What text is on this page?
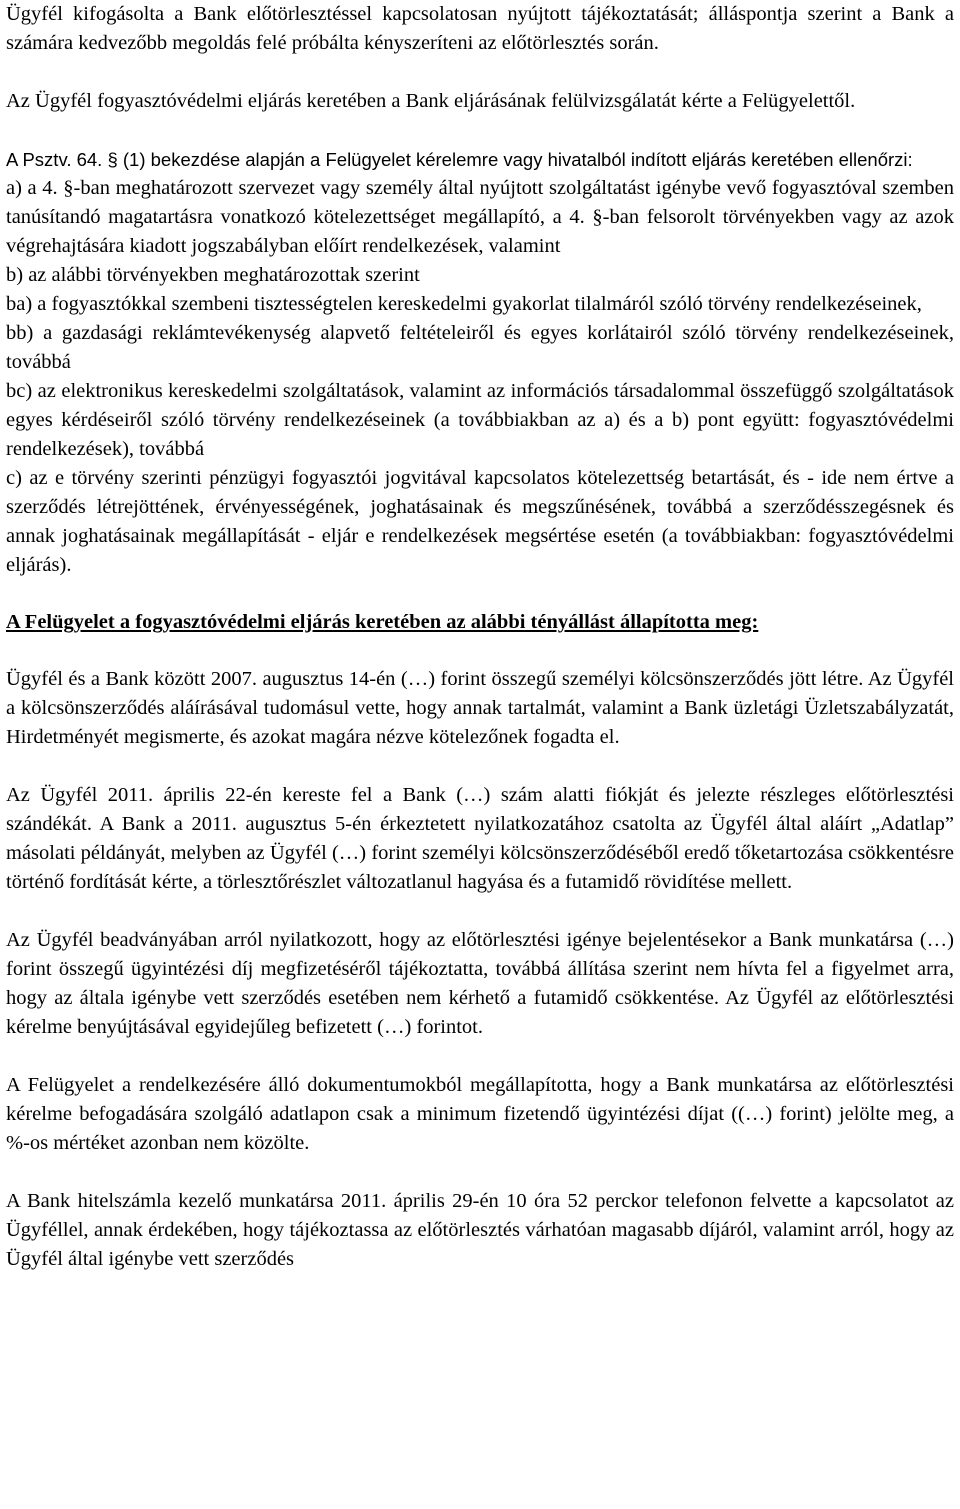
Ügyfél kifogásolta a Bank előtörlesztéssel kapcsolatosan nyújtott tájékoztatását; álláspontja szerint a Bank a számára kedvezőbb megoldás felé próbálta kényszeríteni az előtörlesztés során.

Az Ügyfél fogyasztóvédelmi eljárás keretében a Bank eljárásának felülvizsgálatát kérte a Felügyelettől.

A Psztv. 64. § (1) bekezdése alapján a Felügyelet kérelemre vagy hivatalból indított eljárás keretében ellenőrzi:

a) a 4. §-ban meghatározott szervezet vagy személy által nyújtott szolgáltatást igénybe vevő fogyasztóval szemben tanúsítandó magatartásra vonatkozó kötelezettséget megállapító, a 4. §-ban felsorolt törvényekben vagy az azok végrehajtására kiadott jogszabályban előírt rendelkezések, valamint

b) az alábbi törvényekben meghatározottak szerint

ba) a fogyasztókkal szembeni tisztességtelen kereskedelmi gyakorlat tilalmáról szóló törvény rendelkezéseinek,

bb) a gazdasági reklámtevékenység alapvető feltételeiről és egyes korlátairól szóló törvény rendelkezéseinek, továbbá

bc) az elektronikus kereskedelmi szolgáltatások, valamint az információs társadalommal összefüggő szolgáltatások egyes kérdéseiről szóló törvény rendelkezéseinek (a továbbiakban az a) és a b) pont együtt: fogyasztóvédelmi rendelkezések), továbbá

c) az e törvény szerinti pénzügyi fogyasztói jogvitával kapcsolatos kötelezettség betartását, és - ide nem értve a szerződés létrejöttének, érvényességének, joghatásainak és megszűnésének, továbbá a szerződésszegésnek és annak joghatásainak megállapítását - eljár e rendelkezések megsértése esetén (a továbbiakban: fogyasztóvédelmi eljárás).

A Felügyelet a fogyasztóvédelmi eljárás keretében az alábbi tényállást állapította meg:

Ügyfél és a Bank között 2007. augusztus 14-én (…) forint összegű személyi kölcsönszerződés jött létre. Az Ügyfél a kölcsönszerződés aláírásával tudomásul vette, hogy annak tartalmát, valamint a Bank üzletági Üzletszabályzatát, Hirdetményét megismerte, és azokat magára nézve kötelezőnek fogadta el.

Az Ügyfél 2011. április 22-én kereste fel a Bank (…) szám alatti fiókját és jelezte részleges előtörlesztési szándékát. A Bank a 2011. augusztus 5-én érkeztetett nyilatkozatához csatolta az Ügyfél által aláírt „Adatlap” másolati példányát, melyben az Ügyfél (…) forint személyi kölcsönszerződéséből eredő tőketartozása csökkentésre történő fordítását kérte, a törlesztőrészlet változatlanul hagyása és a futamidő rövidítése mellett.

Az Ügyfél beadványában arról nyilatkozott, hogy az előtörlesztési igénye bejelentésekor a Bank munkatársa (…) forint összegű ügyintézési díj megfizetéséről tájékoztatta, továbbá állítása szerint nem hívta fel a figyelmet arra, hogy az általa igénybe vett szerződés esetében nem kérhető a futamidő csökkentése. Az Ügyfél az előtörlesztési kérelme benyújtásával egyidejűleg befizetett (…) forintot.

A Felügyelet a rendelkezésére álló dokumentumokból megállapította, hogy a Bank munkatársa az előtörlesztési kérelme befogadására szolgáló adatlapon csak a minimum fizetendő ügyintézési díjat ((…) forint) jelölte meg, a %-os mértéket azonban nem közölte.

A Bank hitelszámla kezelő munkatársa 2011. április 29-én 10 óra 52 perckor telefonon felvette a kapcsolatot az Ügyféllel, annak érdekében, hogy tájékoztassa az előtörlesztés várhatóan magasabb díjáról, valamint arról, hogy az Ügyfél által igénybe vett szerződés
